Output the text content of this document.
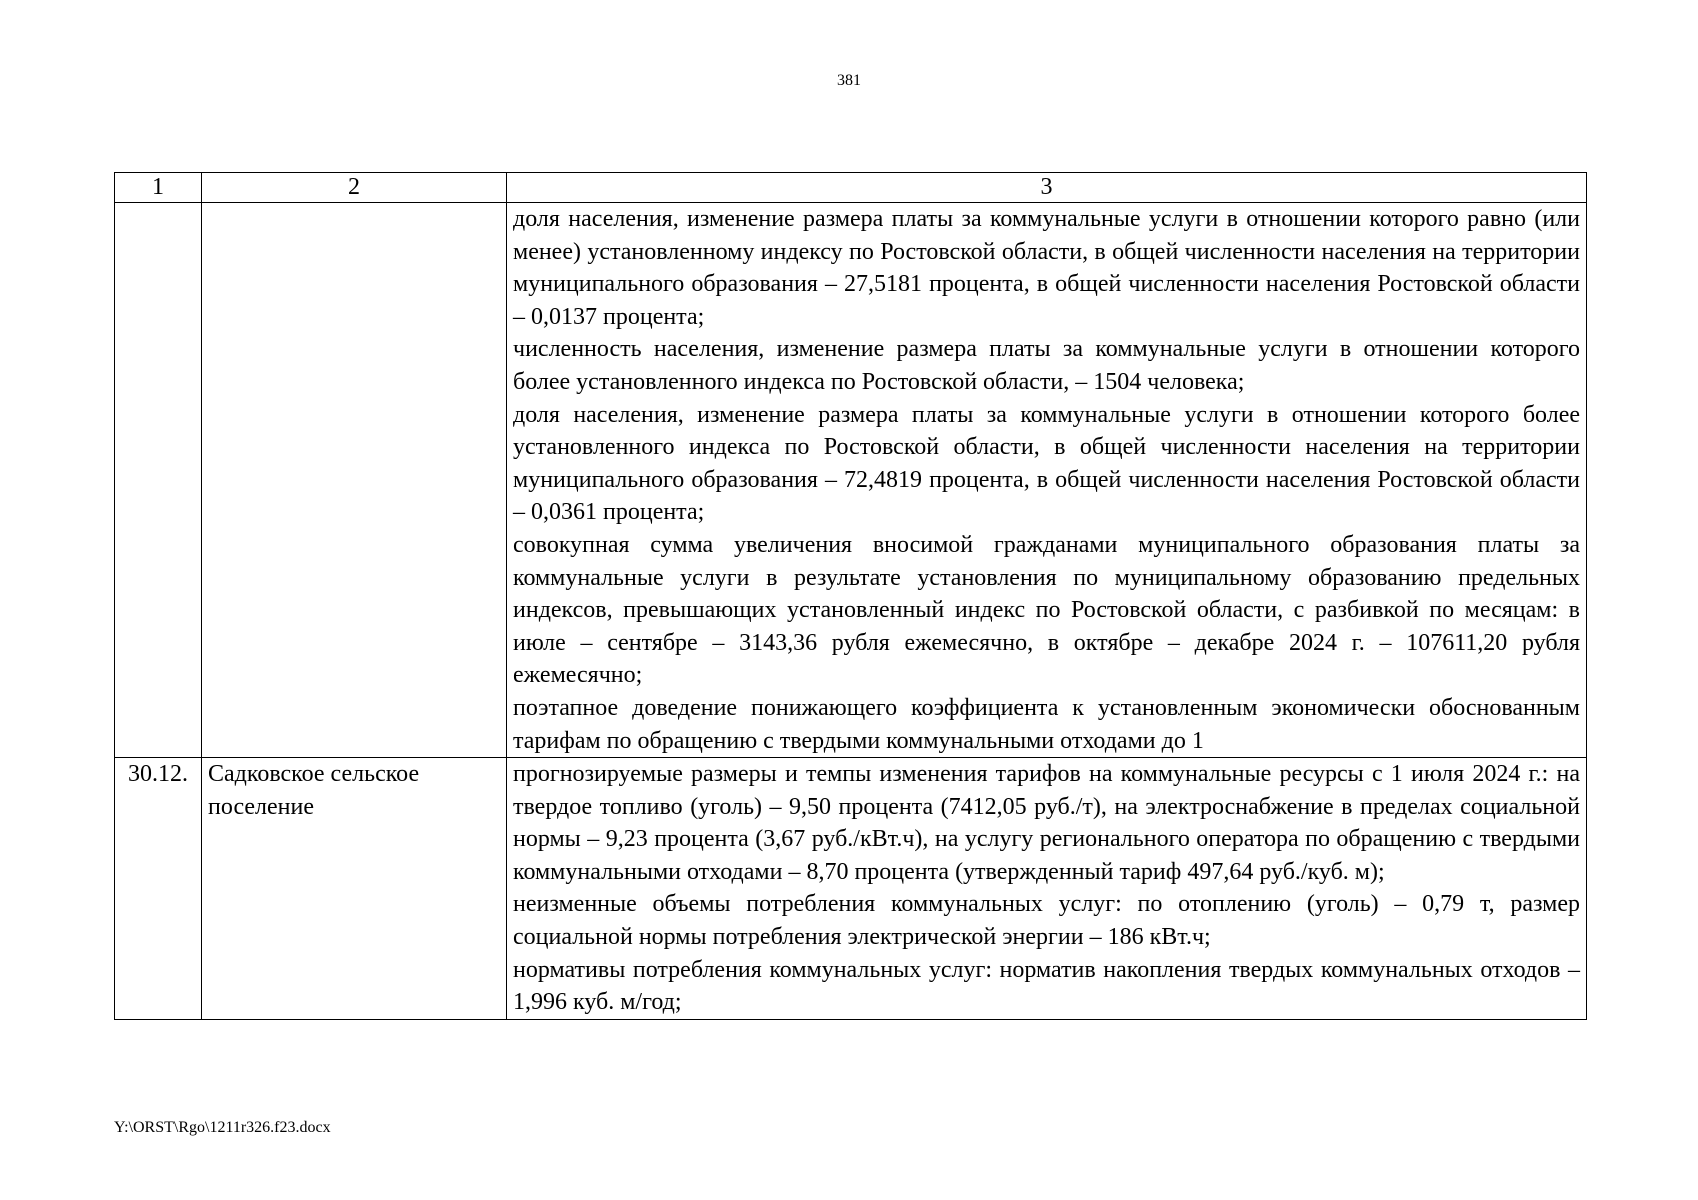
381
1	2	3

		доля населения, изменение размера платы за коммунальные услуги в отношении которого равно (или менее) установленному индексу по Ростовской области, в общей численности населения на территории муниципального образования – 27,5181 процента, в общей численности населения Ростовской области – 0,0137 процента;

численность населения, изменение размера платы за коммунальные услуги в отношении которого более установленного индекса по Ростовской области, – 1504 человека;

доля населения, изменение размера платы за коммунальные услуги в отношении которого более установленного индекса по Ростовской области, в общей численности населения на территории муниципального образования – 72,4819 процента, в общей численности населения Ростовской области – 0,0361 процента;

совокупная сумма увеличения вносимой гражданами муниципального образования платы за коммунальные услуги в результате установления по муниципальному образованию предельных индексов, превышающих установленный индекс по Ростовской области, с разбивкой по месяцам: в июле – сентябре – 3143,36 рубля ежемесячно, в октябре – декабре 2024 г. – 107611,20 рубля ежемесячно;

поэтапное доведение понижающего коэффициента к установленным экономически обоснованным тарифам по обращению с твердыми коммунальными отходами до 1

30.12.	Садковское сельское поселение	прогнозируемые размеры и темпы изменения тарифов на коммунальные ресурсы с 1 июля 2024 г.: на твердое топливо (уголь) – 9,50 процента (7412,05 руб./т), на электроснабжение в пределах социальной нормы – 9,23 процента (3,67 руб./кВт.ч), на услугу регионального оператора по обращению с твердыми коммунальными отходами – 8,70 процента (утвержденный тариф 497,64 руб./куб. м);

неизменные объемы потребления коммунальных услуг: по отоплению (уголь) – 0,79 т, размер социальной нормы потребления электрической энергии – 186 кВт.ч;

нормативы потребления коммунальных услуг: норматив накопления твердых коммунальных отходов – 1,996 куб. м/год;

Y:\ORST\Rgo\1211r326.f23.docx
